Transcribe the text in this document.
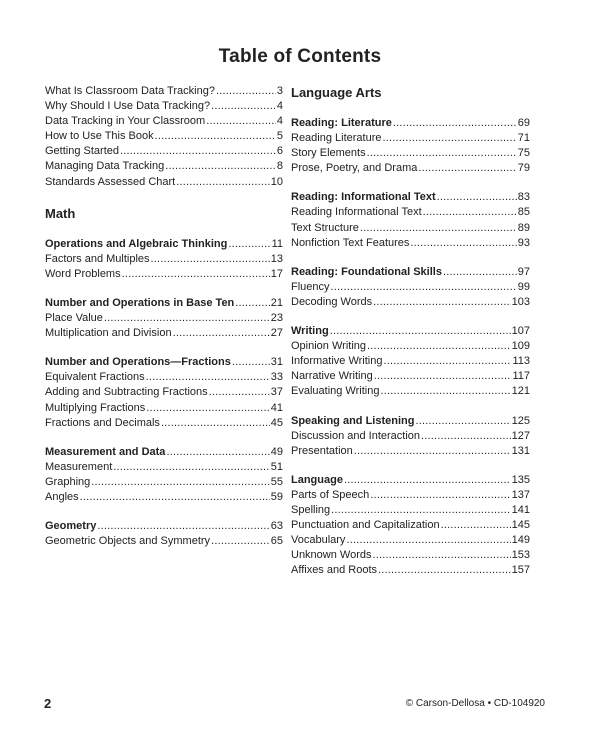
Table of Contents
What Is Classroom Data Tracking? .....	3
Why Should I Use Data Tracking? .....	4
Data Tracking in Your Classroom .....	4
How to Use This Book .....	5
Getting Started .....	6
Managing Data Tracking .....	8
Standards Assessed Chart .....	10
Math
Operations and Algebraic Thinking .....	11
Factors and Multiples .....	13
Word Problems .....	17
Number and Operations in Base Ten .....	21
Place Value .....	23
Multiplication and Division .....	27
Number and Operations—Fractions .....	31
Equivalent Fractions .....	33
Adding and Subtracting Fractions .....	37
Multiplying Fractions .....	41
Fractions and Decimals .....	45
Measurement and Data .....	49
Measurement .....	51
Graphing .....	55
Angles .....	59
Geometry .....	63
Geometric Objects and Symmetry .....	65
Language Arts
Reading: Literature .....	69
Reading Literature .....	71
Story Elements .....	75
Prose, Poetry, and Drama .....	79
Reading: Informational Text .....	83
Reading Informational Text .....	85
Text Structure .....	89
Nonfiction Text Features .....	93
Reading: Foundational Skills .....	97
Fluency .....	99
Decoding Words .....	103
Writing .....	107
Opinion Writing .....	109
Informative Writing .....	113
Narrative Writing .....	117
Evaluating Writing .....	121
Speaking and Listening .....	125
Discussion and Interaction .....	127
Presentation .....	131
Language .....	135
Parts of Speech .....	137
Spelling .....	141
Punctuation and Capitalization .....	145
Vocabulary .....	149
Unknown Words .....	153
Affixes and Roots .....	157
2	© Carson-Dellosa • CD-104920
